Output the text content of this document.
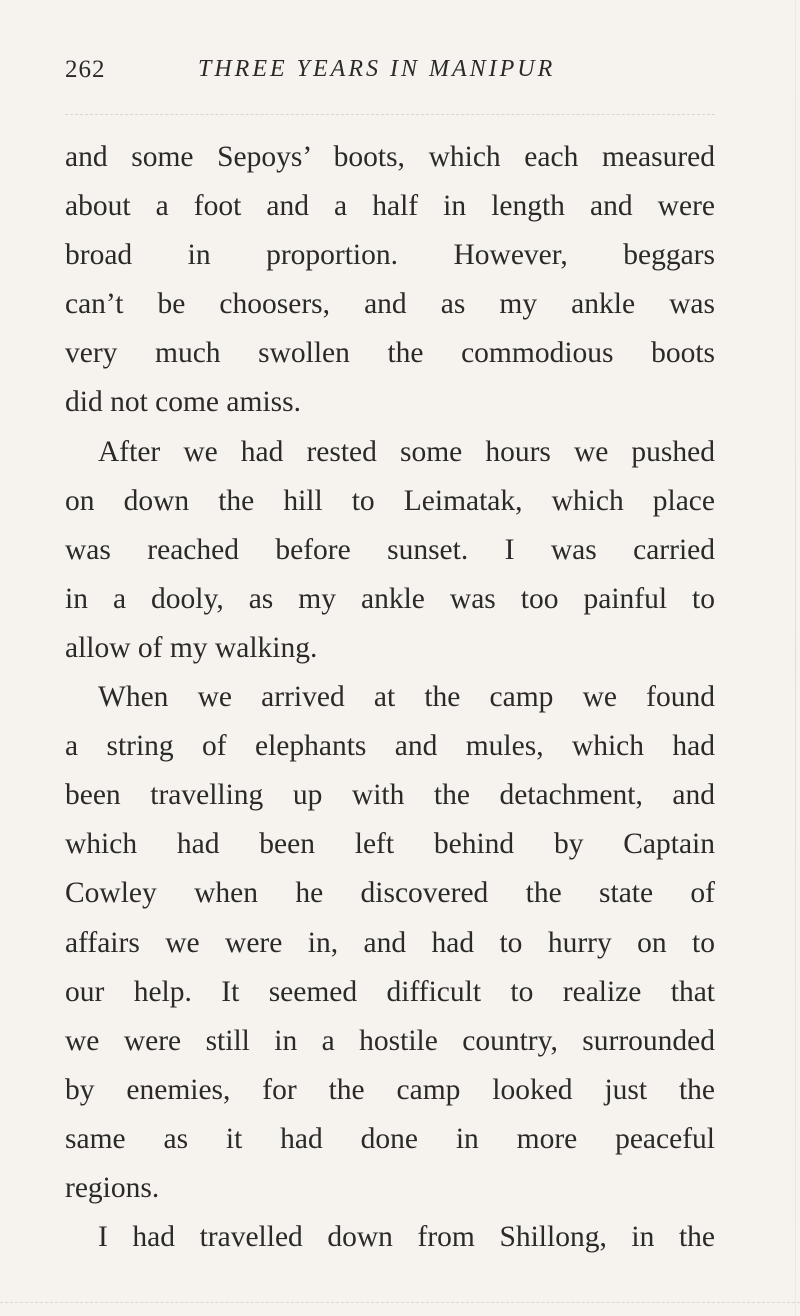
262	THREE YEARS IN MANIPUR
and some Sepoys’ boots, which each measured
about a foot and a half in length and were
broad in proportion. However, beggars
can’t be choosers, and as my ankle was
very much swollen the commodious boots
did not come amiss.
After we had rested some hours we pushed
on down the hill to Leimatak, which place
was reached before sunset. I was carried
in a dooly, as my ankle was too painful to
allow of my walking.
When we arrived at the camp we found
a string of elephants and mules, which had
been travelling up with the detachment, and
which had been left behind by Captain
Cowley when he discovered the state of
affairs we were in, and had to hurry on to
our help. It seemed difficult to realize that
we were still in a hostile country, surrounded
by enemies, for the camp looked just the
same as it had done in more peaceful
regions.
I had travelled down from Shillong, in the
